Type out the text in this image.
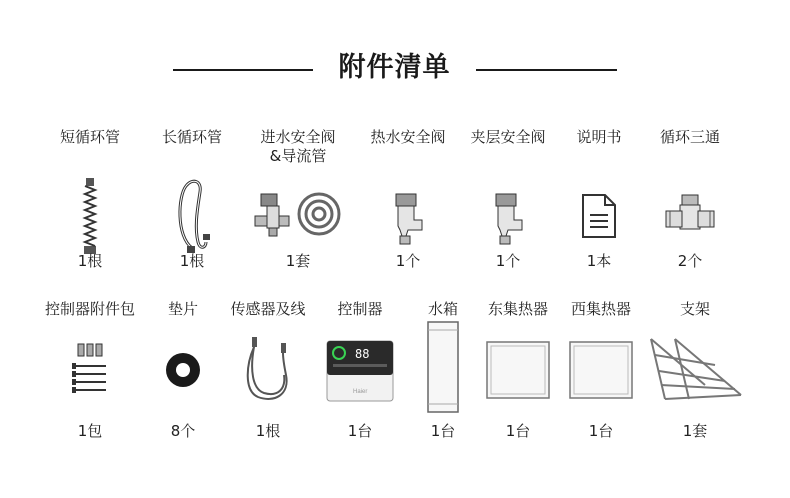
附件清单
短循环管
1根
长循环管
1根
进水安全阀
&导流管
1套
热水安全阀
1个
夹层安全阀
1个
说明书
1本
循环三通
2个
控制器附件包
1包
垫片
8个
传感器及线
1根
控制器
88
Haier
1台
水箱
1台
东集热器
1台
西集热器
1台
支架
1套
